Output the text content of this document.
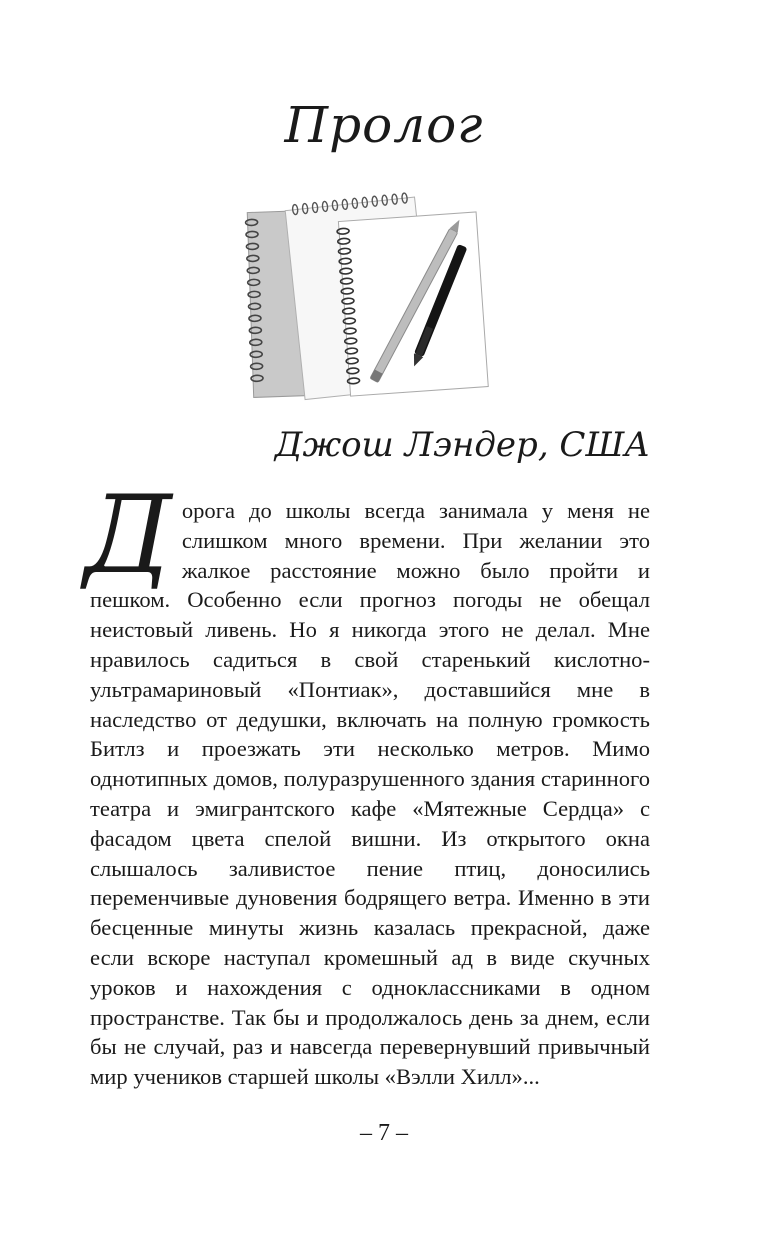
Пролог
Джош Лэндер, США
Дорога до школы всегда занимала у меня не слишком много времени. При желании это жалкое расстояние можно было пройти и пешком. Особенно если прогноз погоды не обещал неистовый ливень. Но я никогда этого не делал. Мне нравилось садиться в свой старенький кислотно-ультрамариновый «Понтиак», доставшийся мне в наследство от дедушки, включать на полную громкость Битлз и проезжать эти несколько метров. Мимо однотипных домов, полуразрушенного здания старинного театра и эмигрантского кафе «Мятежные Сердца» с фасадом цвета спелой вишни. Из открытого окна слышалось заливистое пение птиц, доносились переменчивые дуновения бодрящего ветра. Именно в эти бесценные минуты жизнь казалась прекрасной, даже если вскоре наступал кромешный ад в виде скучных уроков и нахождения с одноклассниками в одном пространстве. Так бы и продолжалось день за днем, если бы не случай, раз и навсегда перевернувший привычный мир учеников старшей школы «Вэлли Хилл»...
– 7 –
